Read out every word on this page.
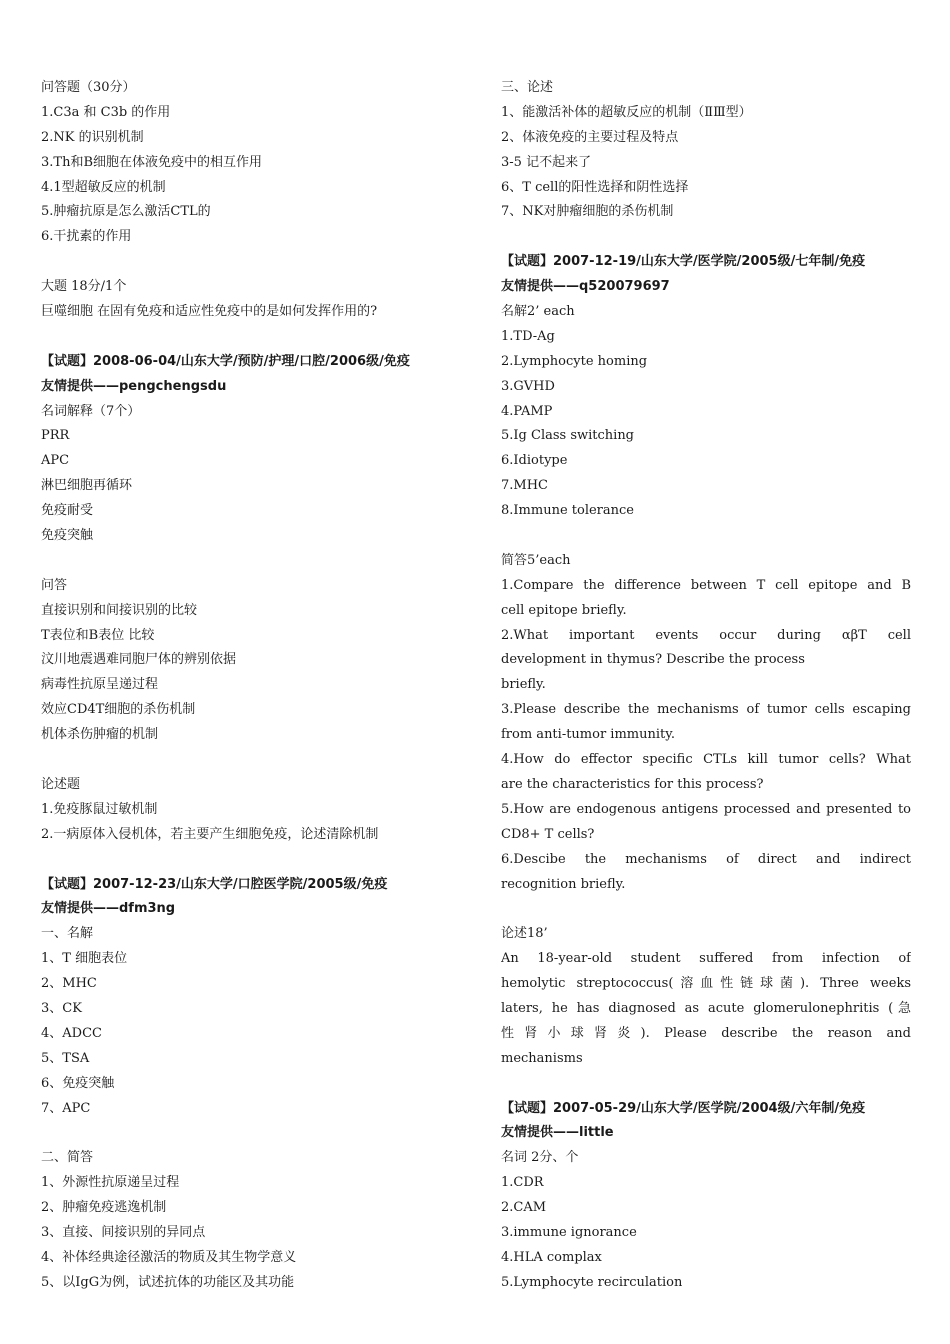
问答题（30分）
1.C3a 和 C3b 的作用
2.NK 的识别机制
3.Th和B细胞在体液免疫中的相互作用
4.1型超敏反应的机制
5.肿瘤抗原是怎么激活CTL的
6.干扰素的作用
大题 18分/1个
巨噬细胞 在固有免疫和适应性免疫中的是如何发挥作用的?
【试题】2008-06-04/山东大学/预防/护理/口腔/2006级/免疫
友情提供——pengchengsdu
名词解释（7个）
PRR
APC
淋巴细胞再循环
免疫耐受
免疫突触
问答
直接识别和间接识别的比较
T表位和B表位 比较
汶川地震遇难同胞尸体的辨别依据
病毒性抗原呈递过程
效应CD4T细胞的杀伤机制
机体杀伤肿瘤的机制
论述题
1.免疫豚鼠过敏机制
2.一病原体入侵机体，若主要产生细胞免疫，论述清除机制
【试题】2007-12-23/山东大学/口腔医学院/2005级/免疫
友情提供——dfm3ng
一、名解
1、T 细胞表位
2、MHC
3、CK
4、ADCC
5、TSA
6、免疫突触
7、APC
二、简答
1、外源性抗原递呈过程
2、肿瘤免疫逃逸机制
3、直接、间接识别的异同点
4、补体经典途径激活的物质及其生物学意义
5、以IgG为例，试述抗体的功能区及其功能
三、论述
1、能激活补体的超敏反应的机制（ⅡⅢ型）
2、体液免疫的主要过程及特点
3-5 记不起来了
6、T cell的阳性选择和阴性选择
7、NK对肿瘤细胞的杀伤机制
【试题】2007-12-19/山东大学/医学院/2005级/七年制/免疫
友情提供——q520079697
名解2’ each
1.TD-Ag
2.Lymphocyte homing
3.GVHD
4.PAMP
5.Ig Class switching
6.Idiotype
7.MHC
8.Immune tolerance
简答5’each
1.Compare the difference between T cell epitope and B
cell epitope briefly.
2.What important events occur during αβT cell
development in thymus? Describe the process
briefly.
3.Please describe the mechanisms of tumor cells escaping
from anti-tumor immunity.
4.How do effector specific CTLs kill tumor cells? What
are the characteristics for this process?
5.How are endogenous antigens processed and presented to
CD8+ T cells?
6.Descibe the mechanisms of direct and indirect
recognition briefly.
论述18’
An 18-year-old student suffered from infection of
hemolytic streptococcus(溶血性链球菌). Three weeks
laters, he has diagnosed as acute glomerulonephritis (急
性肾小球肾炎). Please describe the reason and
mechanisms
【试题】2007-05-29/山东大学/医学院/2004级/六年制/免疫
友情提供——little
名词 2分、个
1.CDR
2.CAM
3.immune ignorance
4.HLA complax
5.Lymphocyte recirculation
